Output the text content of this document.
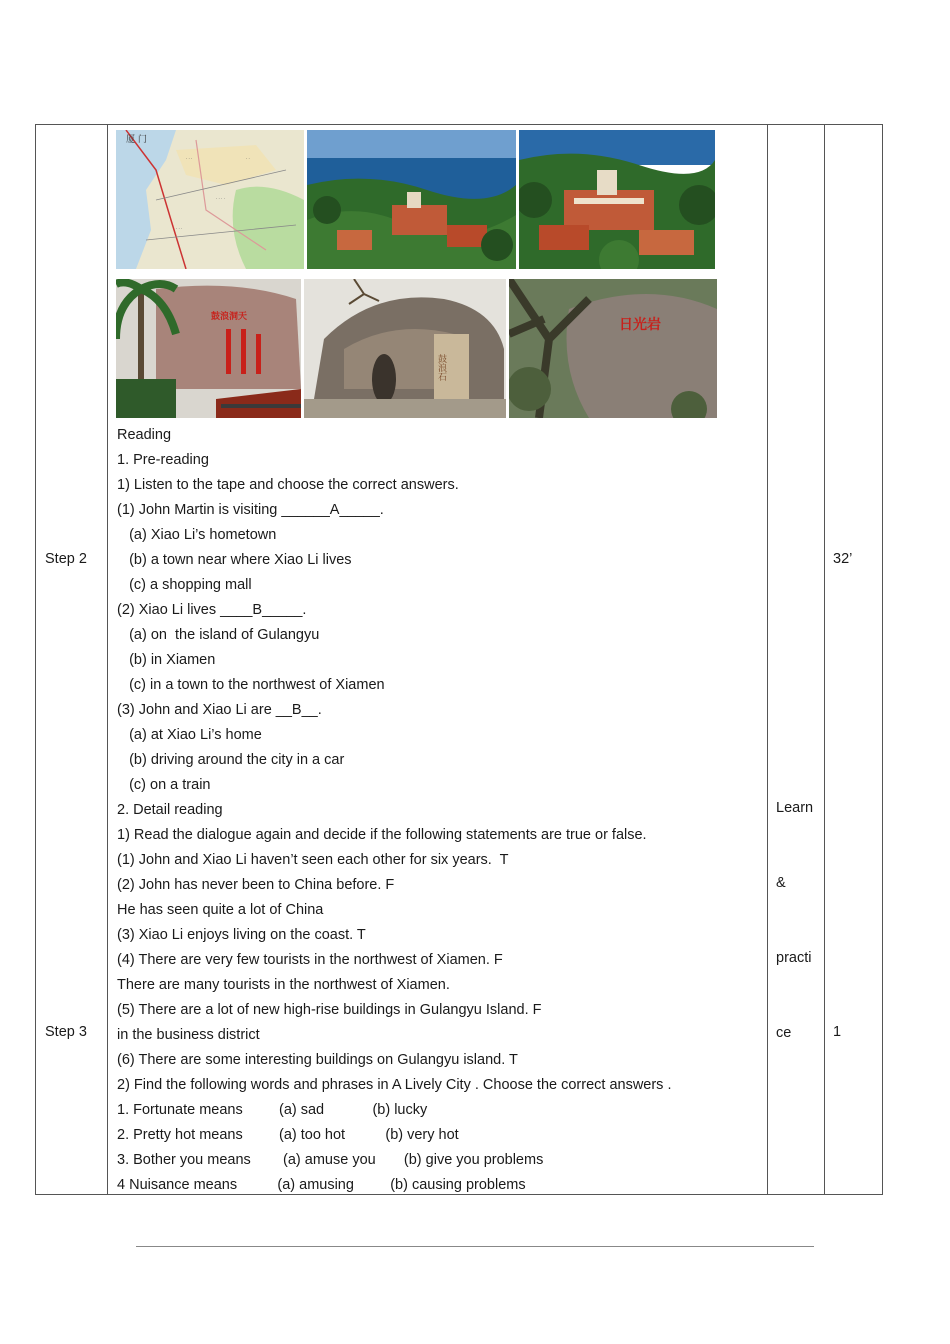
Step 2
Step 3
32’
1

Learn

&

practi

ce

· · ·
· · · ·
· · ·
· ·
厦 门
鼓浪洞天
鼓浪石
日光岩
Reading
1. Pre-reading
1) Listen to the tape and choose the correct answers.
(1) John Martin is visiting ______A_____.
(a) Xiao Li’s hometown
(b) a town near where Xiao Li lives
(c) a shopping mall
(2) Xiao Li lives ____B_____.
(a) on  the island of Gulangyu
(b) in Xiamen
(c) in a town to the northwest of Xiamen
(3) John and Xiao Li are __B__.
(a) at Xiao Li’s home
(b) driving around the city in a car
(c) on a train
2. Detail reading
1) Read the dialogue again and decide if the following statements are true or false.
(1) John and Xiao Li haven’t seen each other for six years.  T
(2) John has never been to China before. F
He has seen quite a lot of China
(3) Xiao Li enjoys living on the coast. T
(4) There are very few tourists in the northwest of Xiamen. F
There are many tourists in the northwest of Xiamen.
(5) There are a lot of new high-rise buildings in Gulangyu Island. F
in the business district
(6) There are some interesting buildings on Gulangyu island. T
2) Find the following words and phrases in A Lively City . Choose the correct answers .
1. Fortunate means         (a) sad            (b) lucky
2. Pretty hot means         (a) too hot          (b) very hot
3. Bother you means        (a) amuse you       (b) give you problems
4 Nuisance means          (a) amusing         (b) causing problems
